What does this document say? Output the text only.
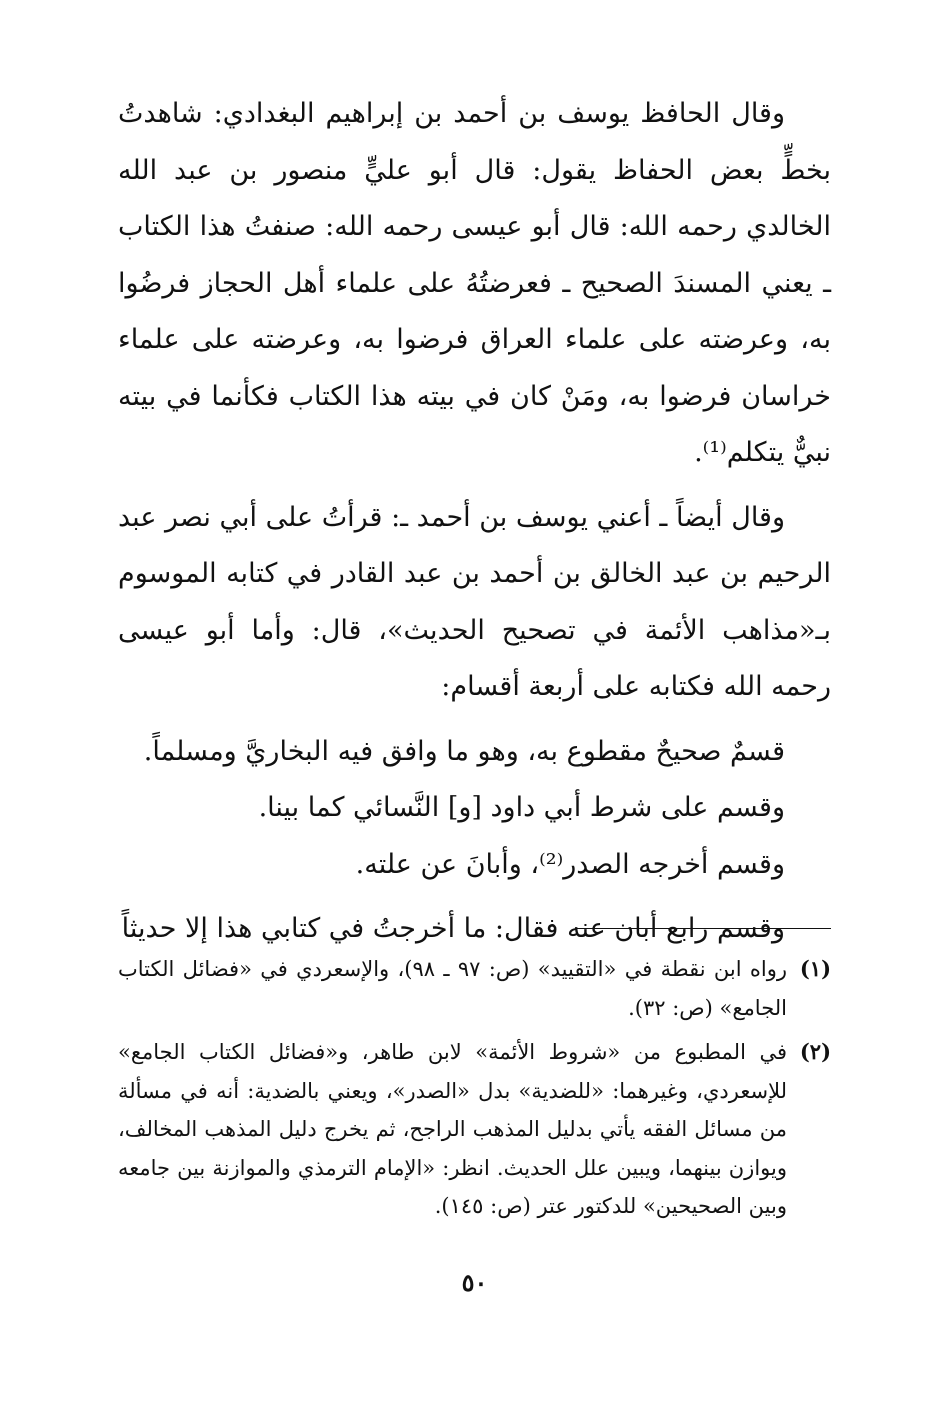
وقال الحافظ يوسف بن أحمد بن إبراهيم البغدادي: شاهدتُ بخطٍّ بعض الحفاظ يقول: قال أبو عليٍّ منصور بن عبد الله الخالدي رحمه الله: قال أبو عيسى رحمه الله: صنفتُ هذا الكتاب ـ يعني المسندَ الصحيح ـ فعرضتُهُ على علماء أهل الحجاز فرضُوا به، وعرضته على علماء العراق فرضوا به، وعرضته على علماء خراسان فرضوا به، ومَنْ كان في بيته هذا الكتاب فكأنما في بيته نبيٌّ يتكلم⁽¹⁾.

وقال أيضاً ـ أعني يوسف بن أحمد ـ: قرأتُ على أبي نصر عبد الرحيم بن عبد الخالق بن أحمد بن عبد القادر في كتابه الموسوم بـ«مذاهب الأئمة في تصحيح الحديث»، قال: وأما أبو عيسى رحمه الله فكتابه على أربعة أقسام:

قسمٌ صحيحٌ مقطوع به، وهو ما وافق فيه البخاريَّ ومسلماً.

وقسم على شرط أبي داود [و] النَّسائي كما بينا.

وقسم أخرجه الصدر⁽²⁾، وأبانَ عن علته.

وقسم رابع أبان عنه فقال: ما أخرجتُ في كتابي هذا إلا حديثاً

(١)
رواه ابن نقطة في «التقييد» (ص: ٩٧ ـ ٩٨)، والإسعردي في «فضائل الكتاب الجامع» (ص: ٣٢).
(٢)
في المطبوع من «شروط الأئمة» لابن طاهر، و«فضائل الكتاب الجامع» للإسعردي، وغيرهما: «للضدية» بدل «الصدر»، ويعني بالضدية: أنه في مسألة من مسائل الفقه يأتي بدليل المذهب الراجح، ثم يخرج دليل المذهب المخالف، ويوازن بينهما، ويبين علل الحديث. انظر: «الإمام الترمذي والموازنة بين جامعه وبين الصحيحين» للدكتور عتر (ص: ١٤٥).
٥٠
